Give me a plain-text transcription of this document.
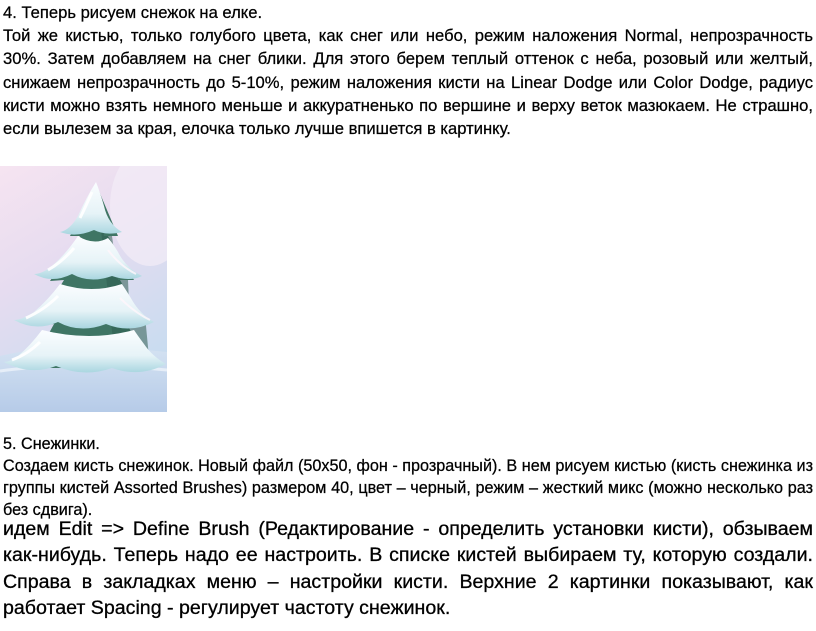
4. Теперь рисуем снежок на елке.

Той же кистью, только голубого цвета, как снег или небо, режим наложения Normal, непрозрачность 30%. Затем добавляем на снег блики. Для этого берем теплый оттенок с неба, розовый или желтый, снижаем непрозрачность до 5-10%, режим наложения кисти на Linear Dodge или Color Dodge, радиус кисти можно взять немного меньше и аккуратненько по вершине и верху веток мазюкаем. Не страшно, если вылезем за края, елочка только лучше впишется в картинку.

5. Снежинки.

Создаем кисть снежинок. Новый файл (50х50, фон - прозрачный). В нем рисуем кистью (кисть снежинка из группы кистей Assorted Brushes) размером 40, цвет – черный, режим – жесткий микс (можно несколько раз без сдвига).

идем Edit => Define Brush (Редактирование - определить установки кисти), обзываем как-нибудь. Теперь надо ее настроить. В списке кистей выбираем ту, которую создали. Справа в закладках меню – настройки кисти. Верхние 2 картинки показывают, как работает Spacing - регулирует частоту снежинок.
